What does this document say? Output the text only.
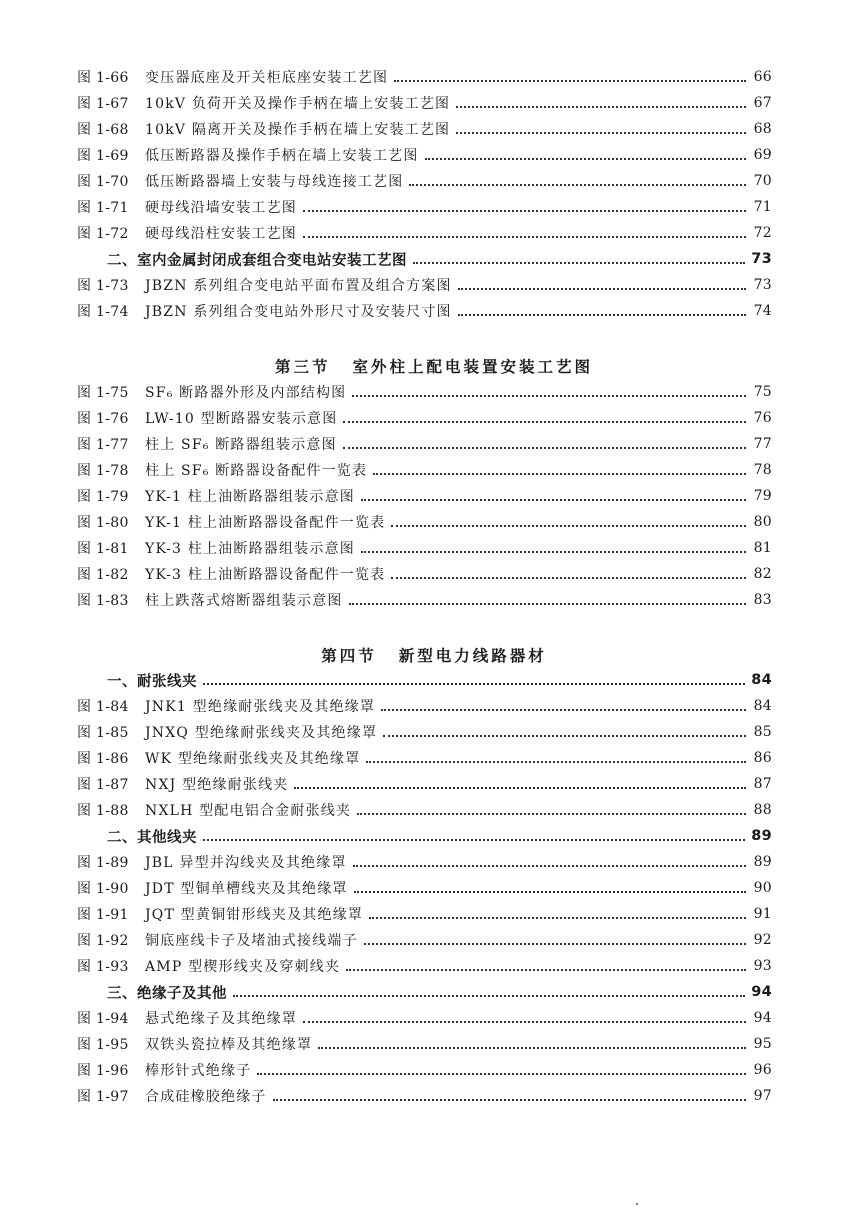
图 1-66	变压器底座及开关柜底座安装工艺图	66
图 1-67	10kV 负荷开关及操作手柄在墙上安装工艺图	67
图 1-68	10kV 隔离开关及操作手柄在墙上安装工艺图	68
图 1-69	低压断路器及操作手柄在墙上安装工艺图	69
图 1-70	低压断路器墙上安装与母线连接工艺图	70
图 1-71	硬母线沿墙安装工艺图	71
图 1-72	硬母线沿柱安装工艺图	72
二、室内金属封闭成套组合变电站安装工艺图	73
图 1-73	JBZN 系列组合变电站平面布置及组合方案图	73
图 1-74	JBZN 系列组合变电站外形尺寸及安装尺寸图	74
第三节 室外柱上配电装置安装工艺图
图 1-75	SF₆ 断路器外形及内部结构图	75
图 1-76	LW-10 型断路器安装示意图	76
图 1-77	柱上 SF₆ 断路器组装示意图	77
图 1-78	柱上 SF₆ 断路器设备配件一览表	78
图 1-79	YK-1 柱上油断路器组装示意图	79
图 1-80	YK-1 柱上油断路器设备配件一览表	80
图 1-81	YK-3 柱上油断路器组装示意图	81
图 1-82	YK-3 柱上油断路器设备配件一览表	82
图 1-83	柱上跌落式熔断器组装示意图	83
第四节 新型电力线路器材
一、耐张线夹	84
图 1-84	JNK1 型绝缘耐张线夹及其绝缘罩	84
图 1-85	JNXQ 型绝缘耐张线夹及其绝缘罩	85
图 1-86	WK 型绝缘耐张线夹及其绝缘罩	86
图 1-87	NXJ 型绝缘耐张线夹	87
图 1-88	NXLH 型配电铝合金耐张线夹	88
二、其他线夹	89
图 1-89	JBL 异型并沟线夹及其绝缘罩	89
图 1-90	JDT 型铜单槽线夹及其绝缘罩	90
图 1-91	JQT 型黄铜钳形线夹及其绝缘罩	91
图 1-92	铜底座线卡子及堵油式接线端子	92
图 1-93	AMP 型楔形线夹及穿刺线夹	93
三、绝缘子及其他	94
图 1-94	悬式绝缘子及其绝缘罩	94
图 1-95	双铁头瓷拉棒及其绝缘罩	95
图 1-96	棒形针式绝缘子	96
图 1-97	合成硅橡胶绝缘子	97
